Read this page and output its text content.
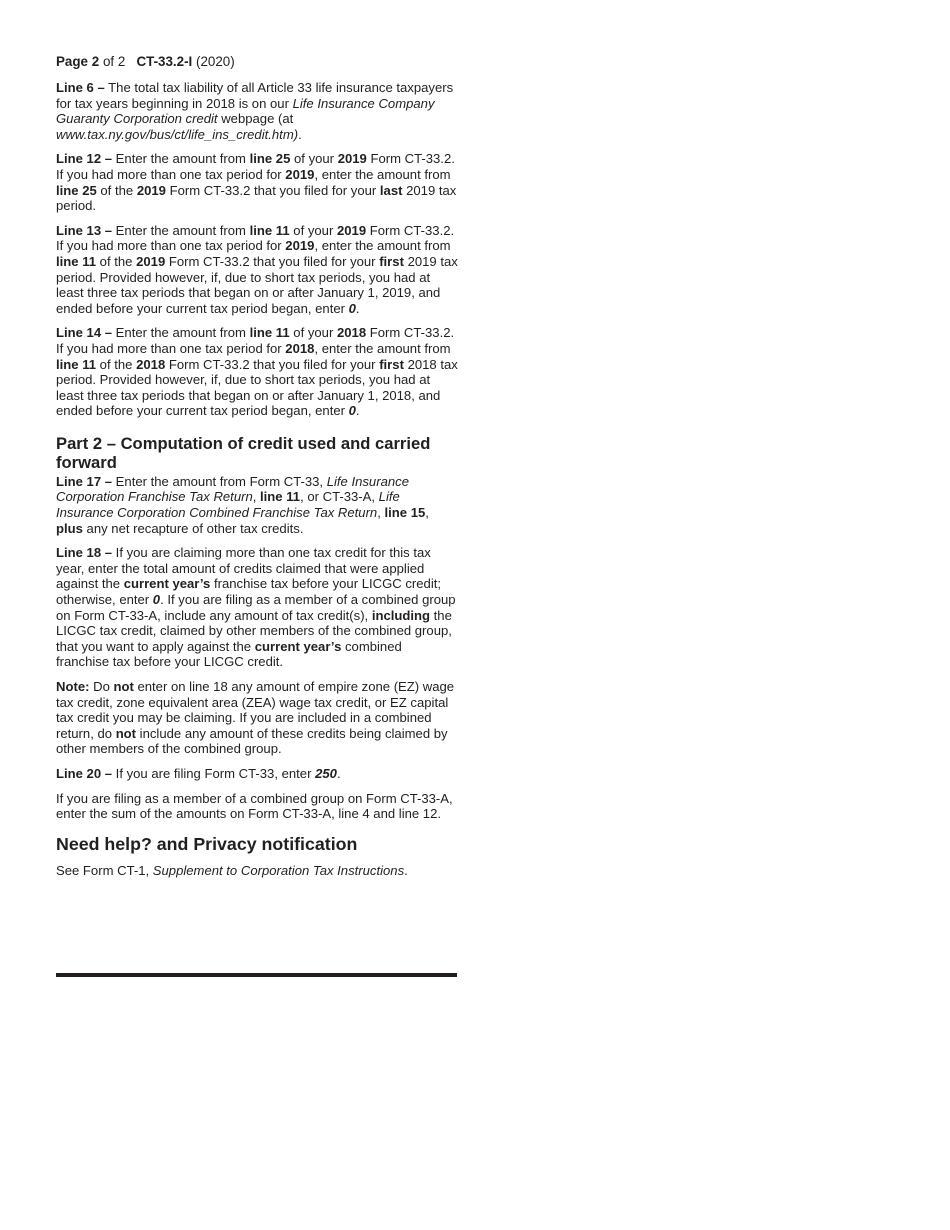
Page 2 of 2 CT-33.2-I (2020)

Line 6 – The total tax liability of all Article 33 life insurance taxpayers for tax years beginning in 2018 is on our Life Insurance Company Guaranty Corporation credit webpage (at www.tax.ny.gov/bus/ct/life_ins_credit.htm).

Line 12 – Enter the amount from line 25 of your 2019 Form CT-33.2. If you had more than one tax period for 2019, enter the amount from line 25 of the 2019 Form CT-33.2 that you filed for your last 2019 tax period.

Line 13 – Enter the amount from line 11 of your 2019 Form CT-33.2. If you had more than one tax period for 2019, enter the amount from line 11 of the 2019 Form CT-33.2 that you filed for your first 2019 tax period. Provided however, if, due to short tax periods, you had at least three tax periods that began on or after January 1, 2019, and ended before your current tax period began, enter 0.

Line 14 – Enter the amount from line 11 of your 2018 Form CT-33.2. If you had more than one tax period for 2018, enter the amount from line 11 of the 2018 Form CT-33.2 that you filed for your first 2018 tax period. Provided however, if, due to short tax periods, you had at least three tax periods that began on or after January 1, 2018, and ended before your current tax period began, enter 0.

Part 2 – Computation of credit used and carried forward

Line 17 – Enter the amount from Form CT-33, Life Insurance Corporation Franchise Tax Return, line 11, or CT-33-A, Life Insurance Corporation Combined Franchise Tax Return, line 15, plus any net recapture of other tax credits.

Line 18 – If you are claiming more than one tax credit for this tax year, enter the total amount of credits claimed that were applied against the current year’s franchise tax before your LICGC credit; otherwise, enter 0. If you are filing as a member of a combined group on Form CT-33-A, include any amount of tax credit(s), including the LICGC tax credit, claimed by other members of the combined group, that you want to apply against the current year’s combined franchise tax before your LICGC credit.

Note: Do not enter on line 18 any amount of empire zone (EZ) wage tax credit, zone equivalent area (ZEA) wage tax credit, or EZ capital tax credit you may be claiming. If you are included in a combined return, do not include any amount of these credits being claimed by other members of the combined group.

Line 20 – If you are filing Form CT-33, enter 250.

If you are filing as a member of a combined group on Form CT-33-A, enter the sum of the amounts on Form CT-33-A, line 4 and line 12.

Need help? and Privacy notification

See Form CT-1, Supplement to Corporation Tax Instructions.
